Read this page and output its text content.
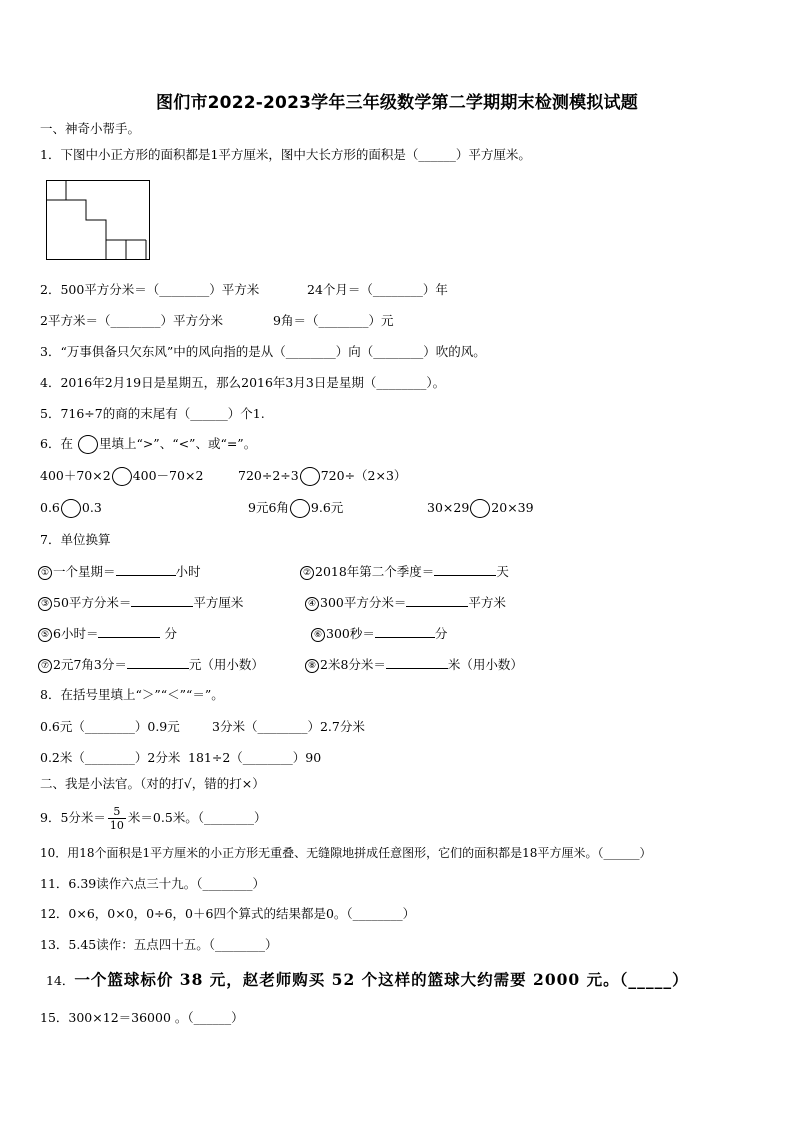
图们市2022-2023学年三年级数学第二学期期末检测模拟试题
一、神奇小帮手。
1．下图中小正方形的面积都是1平方厘米，图中大长方形的面积是（______）平方厘米。
2．500平方分米＝（________）平方米	24个月＝（________）年
2平方米＝（________）平方分米	9角＝（________）元
3．“万事俱备只欠东风”中的风向指的是从（________）向（________）吹的风。
4．2016年2月19日是星期五，那么2016年3月3日是星期（________）。
5．716÷7的商的末尾有（______）个1.
6．在 里填上“>”、“<”、或“=”。
400＋70×2 400－70×2	720÷2÷3 720÷（2×3）
0.6 0.3	9元6角 9.6元	30×29 20×39
7．单位换算
① 一个星期＝	小时	② 2018年第二个季度＝	天
③ 50平方分米＝	平方厘米	④ 300平方分米＝	平方米
⑤ 6小时＝	分	⑥ 300秒＝	分
⑦ 2元7角3分＝	元（用小数）	⑧ 2米8分米＝	米（用小数）
8．在括号里填上“＞”“＜”“＝”。
0.6元（________）0.9元	3分米（________）2.7分米
0.2米（________）2分米 181÷2（________）90
二、我是小法官。（对的打√，错的打×）
9．5分米＝ $\frac{5}{10}$ 米＝0.5米。（________）
10．用18个面积是1平方厘米的小正方形无重叠、无缝隙地拼成任意图形，它们的面积都是18平方厘米。（______）
11．6.39读作六点三十九。（________）
12．0×6，0×0，0÷6，0＋6四个算式的结果都是0。（________）
13．5.45读作：五点四十五。（________）
14．一个篮球标价 38 元，赵老师购买 52 个这样的篮球大约需要 2000 元。（_____）
15．300×12＝36000 。（______）
